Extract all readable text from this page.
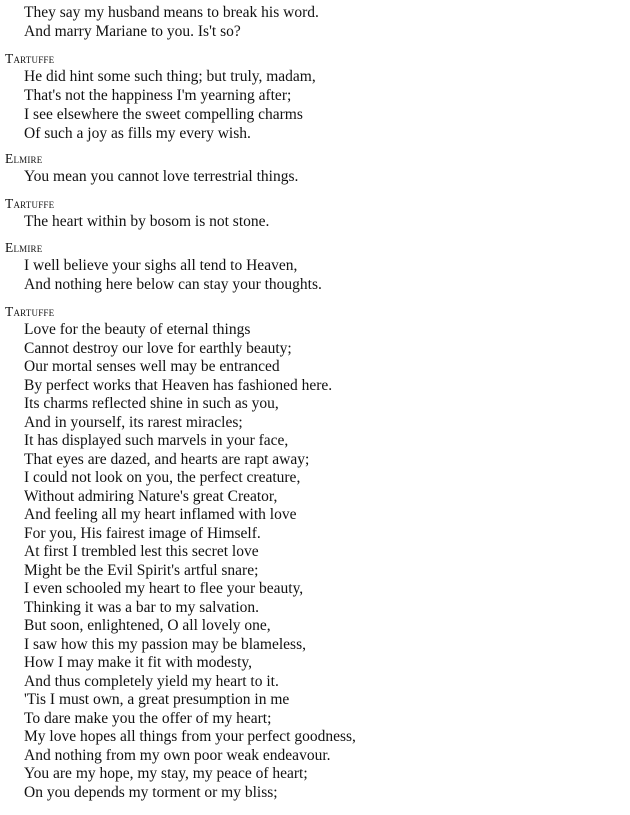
They say my husband means to break his word.
And marry Mariane to you. Is't so?
Tartuffe
He did hint some such thing; but truly, madam,
That's not the happiness I'm yearning after;
I see elsewhere the sweet compelling charms
Of such a joy as fills my every wish.
Elmire
You mean you cannot love terrestrial things.
Tartuffe
The heart within by bosom is not stone.
Elmire
I well believe your sighs all tend to Heaven,
And nothing here below can stay your thoughts.
Tartuffe
Love for the beauty of eternal things
Cannot destroy our love for earthly beauty;
Our mortal senses well may be entranced
By perfect works that Heaven has fashioned here.
Its charms reflected shine in such as you,
And in yourself, its rarest miracles;
It has displayed such marvels in your face,
That eyes are dazed, and hearts are rapt away;
I could not look on you, the perfect creature,
Without admiring Nature's great Creator,
And feeling all my heart inflamed with love
For you, His fairest image of Himself.
At first I trembled lest this secret love
Might be the Evil Spirit's artful snare;
I even schooled my heart to flee your beauty,
Thinking it was a bar to my salvation.
But soon, enlightened, O all lovely one,
I saw how this my passion may be blameless,
How I may make it fit with modesty,
And thus completely yield my heart to it.
'Tis I must own, a great presumption in me
To dare make you the offer of my heart;
My love hopes all things from your perfect goodness,
And nothing from my own poor weak endeavour.
You are my hope, my stay, my peace of heart;
On you depends my torment or my bliss;
